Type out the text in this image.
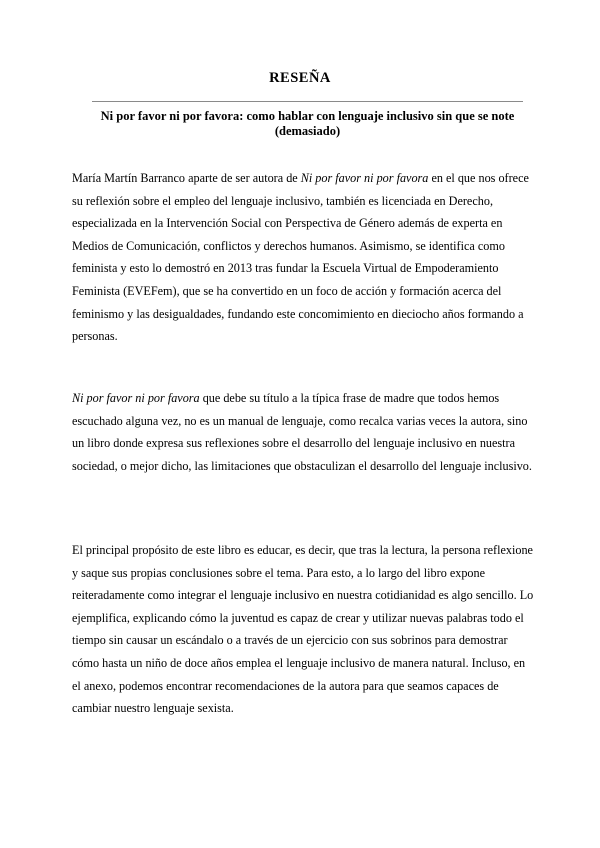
RESEÑA
Ni por favor ni por favora: como hablar con lenguaje inclusivo sin que se note (demasiado)

María Martín Barranco aparte de ser autora de Ni por favor ni por favora en el que nos ofrece su reflexión sobre el empleo del lenguaje inclusivo, también es licenciada en Derecho, especializada en la Intervención Social con Perspectiva de Género además de experta en Medios de Comunicación, conflictos y derechos humanos. Asimismo, se identifica como feminista y esto lo demostró en 2013 tras fundar la Escuela Virtual de Empoderamiento Feminista (EVEFem), que se ha convertido en un foco de acción y formación acerca del feminismo y las desigualdades, fundando este concomimiento en dieciocho años formando a personas.

Ni por favor ni por favora que debe su título a la típica frase de madre que todos hemos escuchado alguna vez, no es un manual de lenguaje, como recalca varias veces la autora, sino un libro donde expresa sus reflexiones sobre el desarrollo del lenguaje inclusivo en nuestra sociedad, o mejor dicho, las limitaciones que obstaculizan el desarrollo del lenguaje inclusivo.

El principal propósito de este libro es educar, es decir, que tras la lectura, la persona reflexione y saque sus propias conclusiones sobre el tema. Para esto, a lo largo del libro expone reiteradamente como integrar el lenguaje inclusivo en nuestra cotidianidad es algo sencillo. Lo ejemplifica, explicando cómo la juventud es capaz de crear y utilizar nuevas palabras todo el tiempo sin causar un escándalo o a través de un ejercicio con sus sobrinos para demostrar cómo hasta un niño de doce años emplea el lenguaje inclusivo de manera natural. Incluso, en el anexo, podemos encontrar recomendaciones de la autora para que seamos capaces de cambiar nuestro lenguaje sexista.
